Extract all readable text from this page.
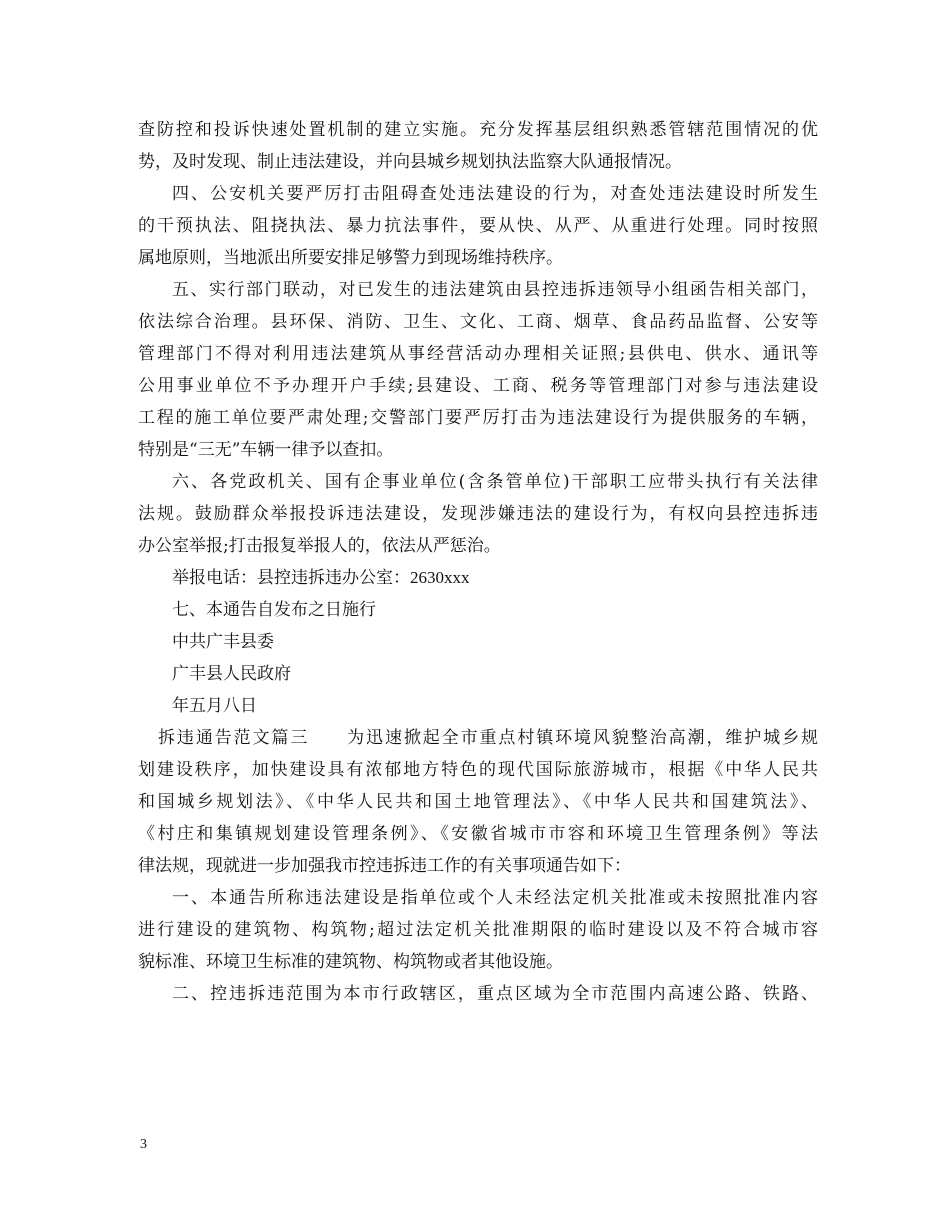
查防控和投诉快速处置机制的建立实施。充分发挥基层组织熟悉管辖范围情况的优

势，及时发现、制止违法建设，并向县城乡规划执法监察大队通报情况。

四、公安机关要严厉打击阻碍查处违法建设的行为，对查处违法建设时所发生

的干预执法、阻挠执法、暴力抗法事件，要从快、从严、从重进行处理。同时按照

属地原则，当地派出所要安排足够警力到现场维持秩序。

五、实行部门联动，对已发生的违法建筑由县控违拆违领导小组函告相关部门，

依法综合治理。县环保、消防、卫生、文化、工商、烟草、食品药品监督、公安等

管理部门不得对利用违法建筑从事经营活动办理相关证照;县供电、供水、通讯等

公用事业单位不予办理开户手续;县建设、工商、税务等管理部门对参与违法建设

工程的施工单位要严肃处理;交警部门要严厉打击为违法建设行为提供服务的车辆，

特别是“三无”车辆一律予以查扣。

六、各党政机关、国有企事业单位(含条管单位)干部职工应带头执行有关法律

法规。鼓励群众举报投诉违法建设，发现涉嫌违法的建设行为，有权向县控违拆违

办公室举报;打击报复举报人的，依法从严惩治。

举报电话：县控违拆违办公室：2630xxx

七、本通告自发布之日施行

中共广丰县委

广丰县人民政府

年五月八日

拆违通告范文篇三　　为迅速掀起全市重点村镇环境风貌整治高潮，维护城乡规

划建设秩序，加快建设具有浓郁地方特色的现代国际旅游城市，根据《中华人民共

和国城乡规划法》、《中华人民共和国土地管理法》、《中华人民共和国建筑法》、

《村庄和集镇规划建设管理条例》、《安徽省城市市容和环境卫生管理条例》等法

律法规，现就进一步加强我市控违拆违工作的有关事项通告如下：

一、本通告所称违法建设是指单位或个人未经法定机关批准或未按照批准内容

进行建设的建筑物、构筑物;超过法定机关批准期限的临时建设以及不符合城市容

貌标准、环境卫生标准的建筑物、构筑物或者其他设施。

二、控违拆违范围为本市行政辖区，重点区域为全市范围内高速公路、铁路、

3
